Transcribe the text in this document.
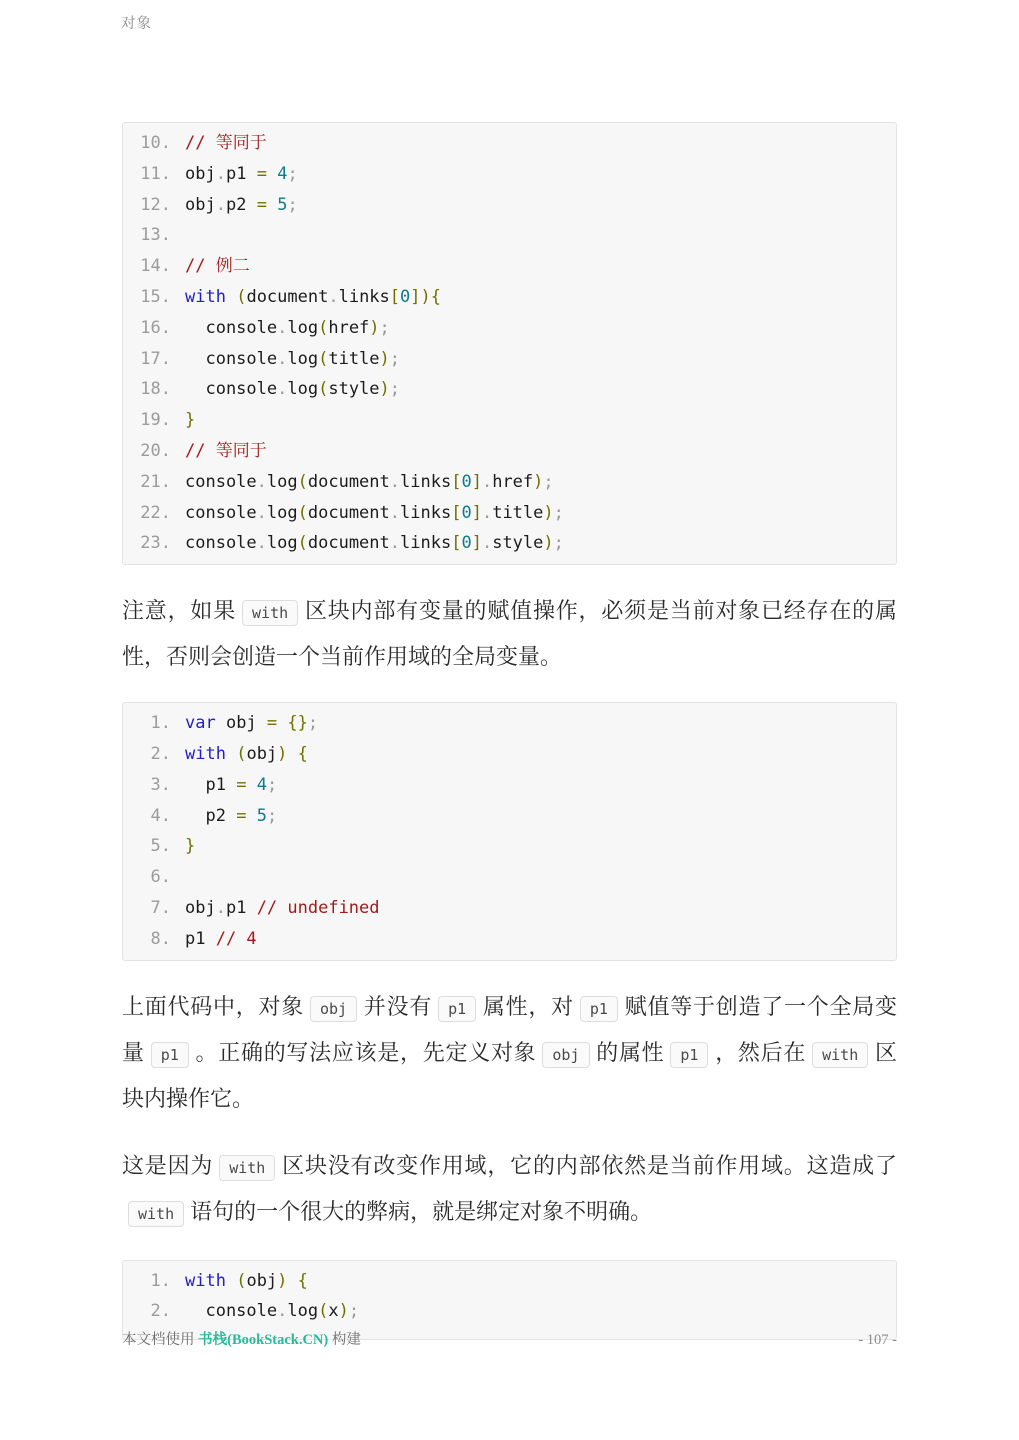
对象
10. // 等同于
11. obj.p1 = 4;
12. obj.p2 = 5;
13.
14. // 例二
15. with (document.links[0]){
16. console.log(href);
17. console.log(title);
18. console.log(style);
19. }
20. // 等同于
21. console.log(document.links[0].href);
22. console.log(document.links[0].title);
23. console.log(document.links[0].style);

注意，如果 with 区块内部有变量的赋值操作，必须是当前对象已经存在的属性，否则会创造一个当前作用域的全局变量。

1. var obj = {};
2. with (obj) {
3. p1 = 4;
4. p2 = 5;
5. }
6.
7. obj.p1 // undefined
8. p1 // 4

上面代码中，对象 obj 并没有 p1 属性，对 p1 赋值等于创造了一个全局变量 p1 。正确的写法应该是，先定义对象 obj 的属性 p1 ，然后在 with 区块内操作它。

这是因为 with 区块没有改变作用域，它的内部依然是当前作用域。这造成了with 语句的一个很大的弊病，就是绑定对象不明确。

1. with (obj) {
2. console.log(x);
本文档使用 书栈(BookStack.CN) 构建	- 107 -
